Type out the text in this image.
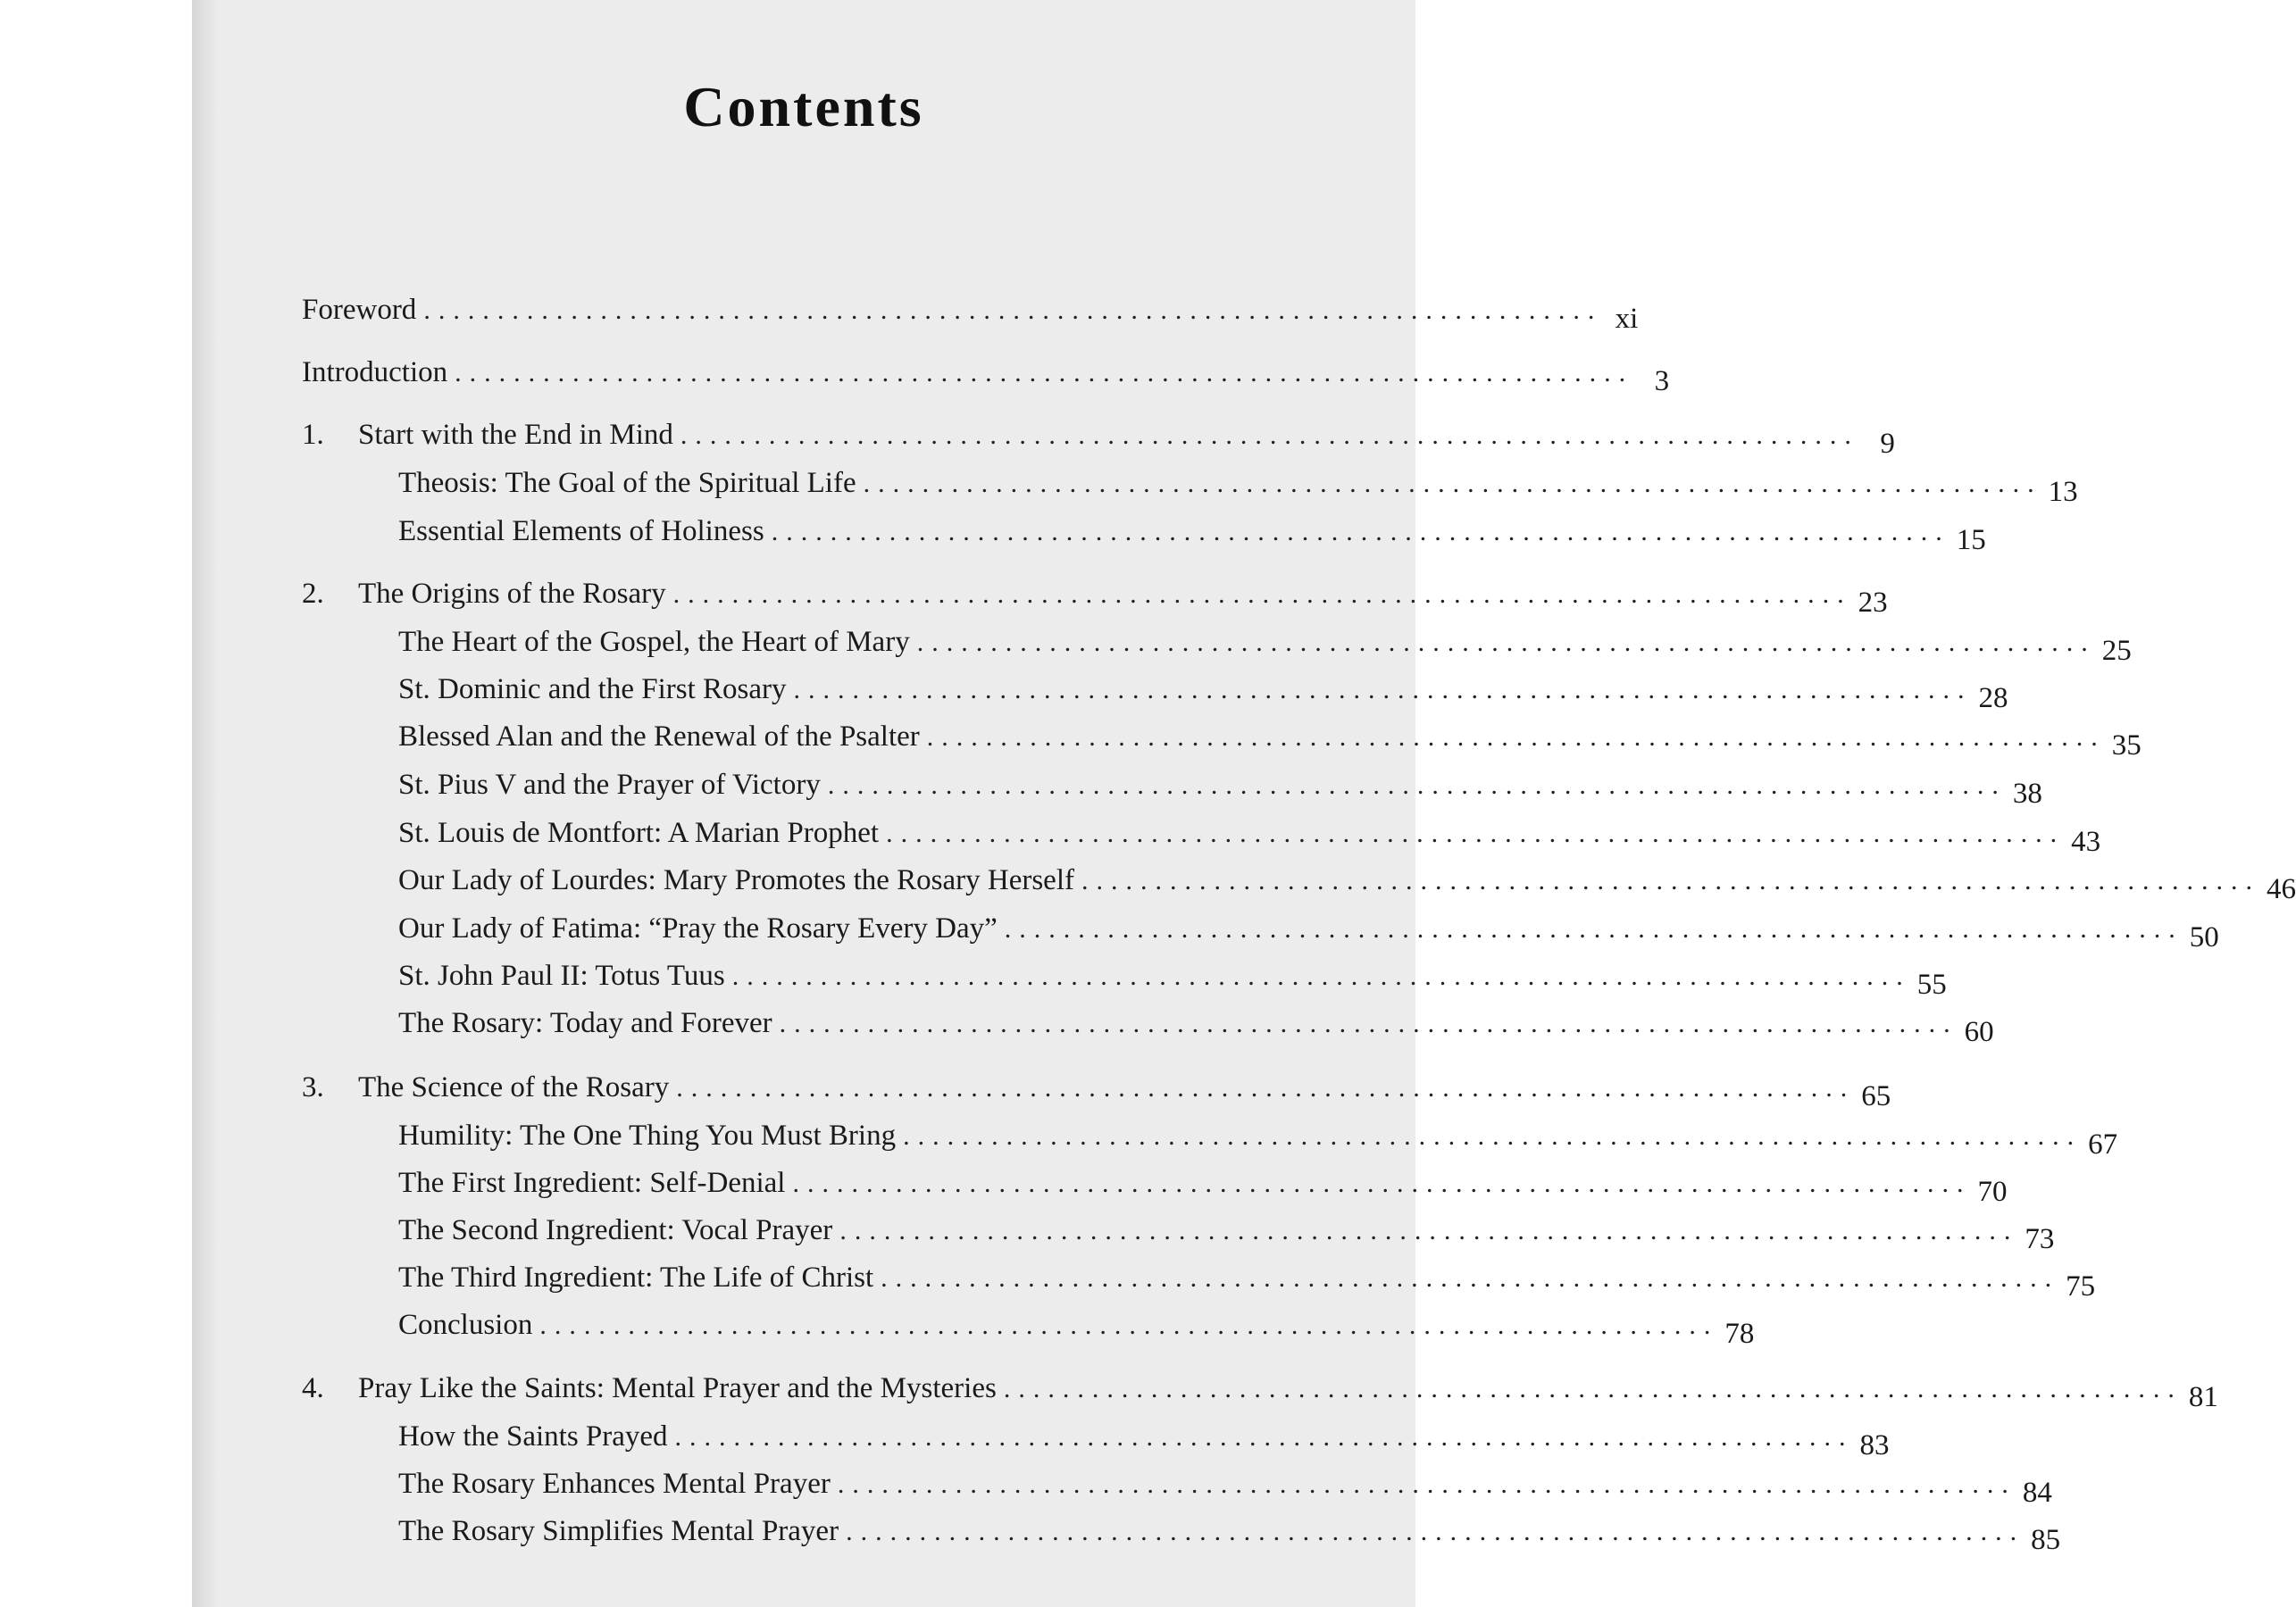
Contents
Foreword ................................................................................ xi
Introduction ................................................................................ 3
1.	Start with the End in Mind ................................................................................ 9
Theosis: The Goal of the Spiritual Life ................................................................................ 13
Essential Elements of Holiness ................................................................................ 15
2.	The Origins of the Rosary ................................................................................ 23
The Heart of the Gospel, the Heart of Mary ................................................................................ 25
St. Dominic and the First Rosary ................................................................................ 28
Blessed Alan and the Renewal of the Psalter ................................................................................ 35
St. Pius V and the Prayer of Victory ................................................................................ 38
St. Louis de Montfort: A Marian Prophet ................................................................................ 43
Our Lady of Lourdes: Mary Promotes the Rosary Herself ................................................................................ 46
Our Lady of Fatima: “Pray the Rosary Every Day” ................................................................................ 50
St. John Paul II: Totus Tuus ................................................................................ 55
The Rosary: Today and Forever ................................................................................ 60
3.	The Science of the Rosary ................................................................................ 65
Humility: The One Thing You Must Bring ................................................................................ 67
The First Ingredient: Self-Denial ................................................................................ 70
The Second Ingredient: Vocal Prayer ................................................................................ 73
The Third Ingredient: The Life of Christ ................................................................................ 75
Conclusion ................................................................................ 78
4.	Pray Like the Saints: Mental Prayer and the Mysteries ................................................................................ 81
How the Saints Prayed ................................................................................ 83
The Rosary Enhances Mental Prayer ................................................................................ 84
The Rosary Simplifies Mental Prayer ................................................................................ 85
